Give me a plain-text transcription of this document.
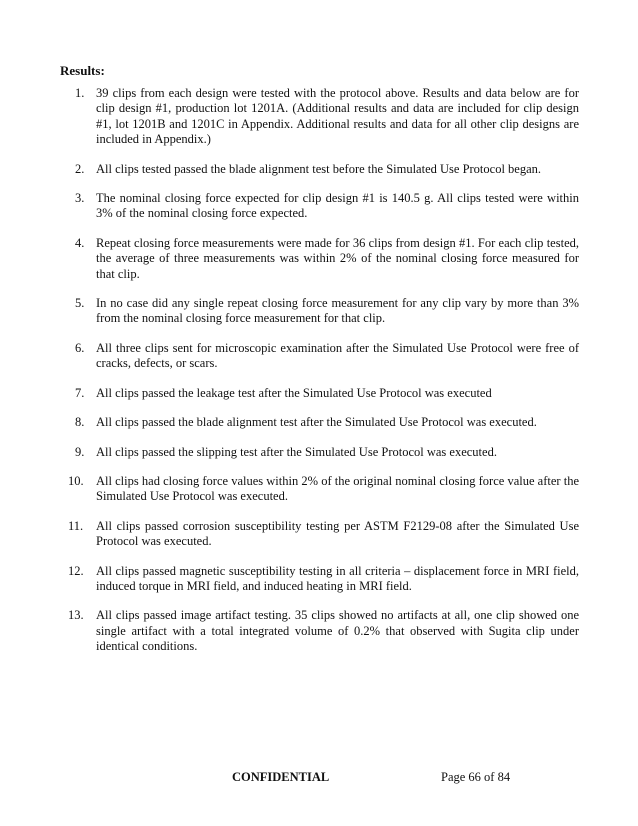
Results:
1. 39 clips from each design were tested with the protocol above. Results and data below are for clip design #1, production lot 1201A. (Additional results and data are included for clip design #1, lot 1201B and 1201C in Appendix. Additional results and data for all other clip designs are included in Appendix.)
2. All clips tested passed the blade alignment test before the Simulated Use Protocol began.
3. The nominal closing force expected for clip design #1 is 140.5 g. All clips tested were within 3% of the nominal closing force expected.
4. Repeat closing force measurements were made for 36 clips from design #1. For each clip tested, the average of three measurements was within 2% of the nominal closing force measured for that clip.
5. In no case did any single repeat closing force measurement for any clip vary by more than 3% from the nominal closing force measurement for that clip.
6. All three clips sent for microscopic examination after the Simulated Use Protocol were free of cracks, defects, or scars.
7. All clips passed the leakage test after the Simulated Use Protocol was executed
8. All clips passed the blade alignment test after the Simulated Use Protocol was executed.
9. All clips passed the slipping test after the Simulated Use Protocol was executed.
10. All clips had closing force values within 2% of the original nominal closing force value after the Simulated Use Protocol was executed.
11.	All clips passed corrosion susceptibility testing per ASTM F2129-08 after the Simulated Use Protocol was executed.
12. All clips passed magnetic susceptibility testing in all criteria – displacement force in MRI field, induced torque in MRI field, and induced heating in MRI field.
13. All clips passed image artifact testing. 35 clips showed no artifacts at all, one clip showed one single artifact with a total integrated volume of 0.2% that observed with Sugita clip under identical conditions.
CONFIDENTIAL	Page 66 of 84
